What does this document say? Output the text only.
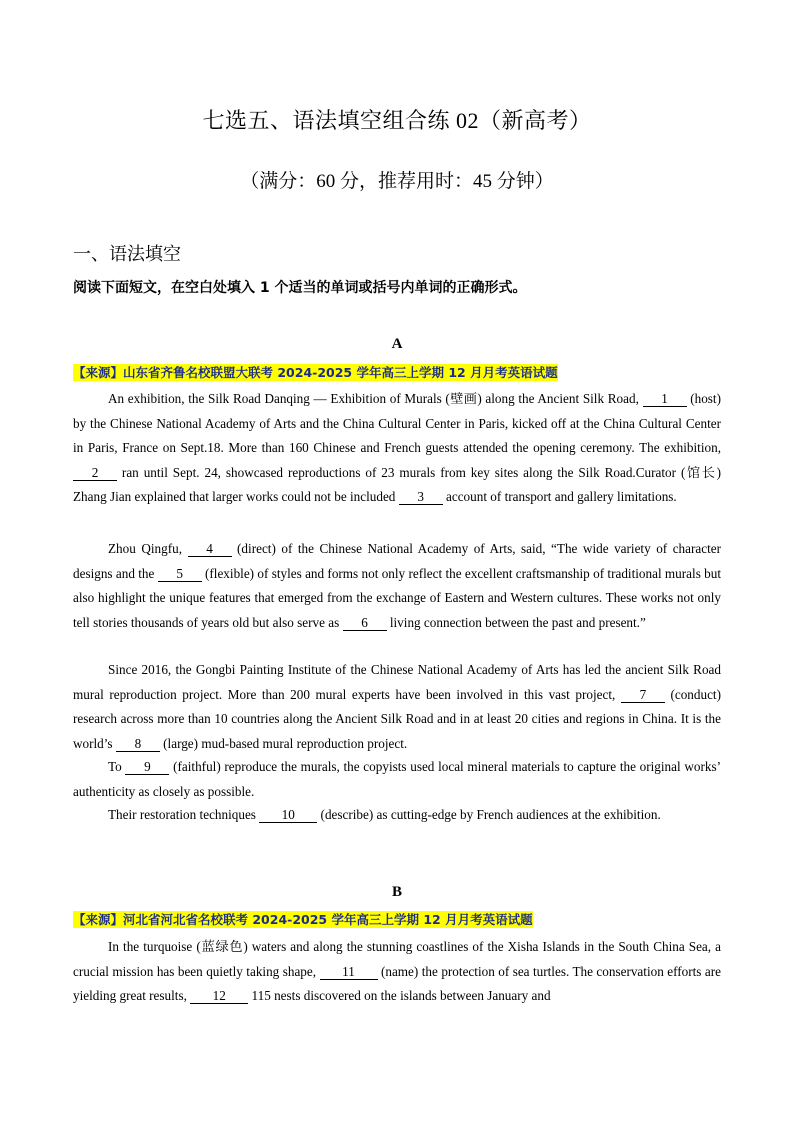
七选五、语法填空组合练 02（新高考）
（满分：60 分，推荐用时：45 分钟）
一、语法填空
阅读下面短文，在空白处填入 1 个适当的单词或括号内单词的正确形式。
A
【来源】山东省齐鲁名校联盟大联考 2024-2025 学年高三上学期 12 月月考英语试题

An exhibition, the Silk Road Danqing — Exhibition of Murals (壁画) along the Ancient Silk Road, 1 (host) by the Chinese National Academy of Arts and the China Cultural Center in Paris, kicked off at the China Cultural Center in Paris, France on Sept.18. More than 160 Chinese and French guests attended the opening ceremony. The exhibition, 2 ran until Sept. 24, showcased reproductions of 23 murals from key sites along the Silk Road.Curator (馆长) Zhang Jian explained that larger works could not be included 3 account of transport and gallery limitations.

Zhou Qingfu, 4 (direct) of the Chinese National Academy of Arts, said, “The wide variety of character designs and the 5 (flexible) of styles and forms not only reflect the excellent craftsmanship of traditional murals but also highlight the unique features that emerged from the exchange of Eastern and Western cultures. These works not only tell stories thousands of years old but also serve as 6 living connection between the past and present.”

Since 2016, the Gongbi Painting Institute of the Chinese National Academy of Arts has led the ancient Silk Road mural reproduction project. More than 200 mural experts have been involved in this vast project, 7 (conduct) research across more than 10 countries along the Ancient Silk Road and in at least 20 cities and regions in China. It is the world’s 8 (large) mud-based mural reproduction project.

To 9 (faithful) reproduce the murals, the copyists used local mineral materials to capture the original works’ authenticity as closely as possible.

Their restoration techniques 10 (describe) as cutting-edge by French audiences at the exhibition.

B
【来源】河北省河北省名校联考 2024-2025 学年高三上学期 12 月月考英语试题

In the turquoise (蓝绿色) waters and along the stunning coastlines of the Xisha Islands in the South China Sea, a crucial mission has been quietly taking shape, 11 (name) the protection of sea turtles. The conservation efforts are yielding great results, 12 115 nests discovered on the islands between January and
